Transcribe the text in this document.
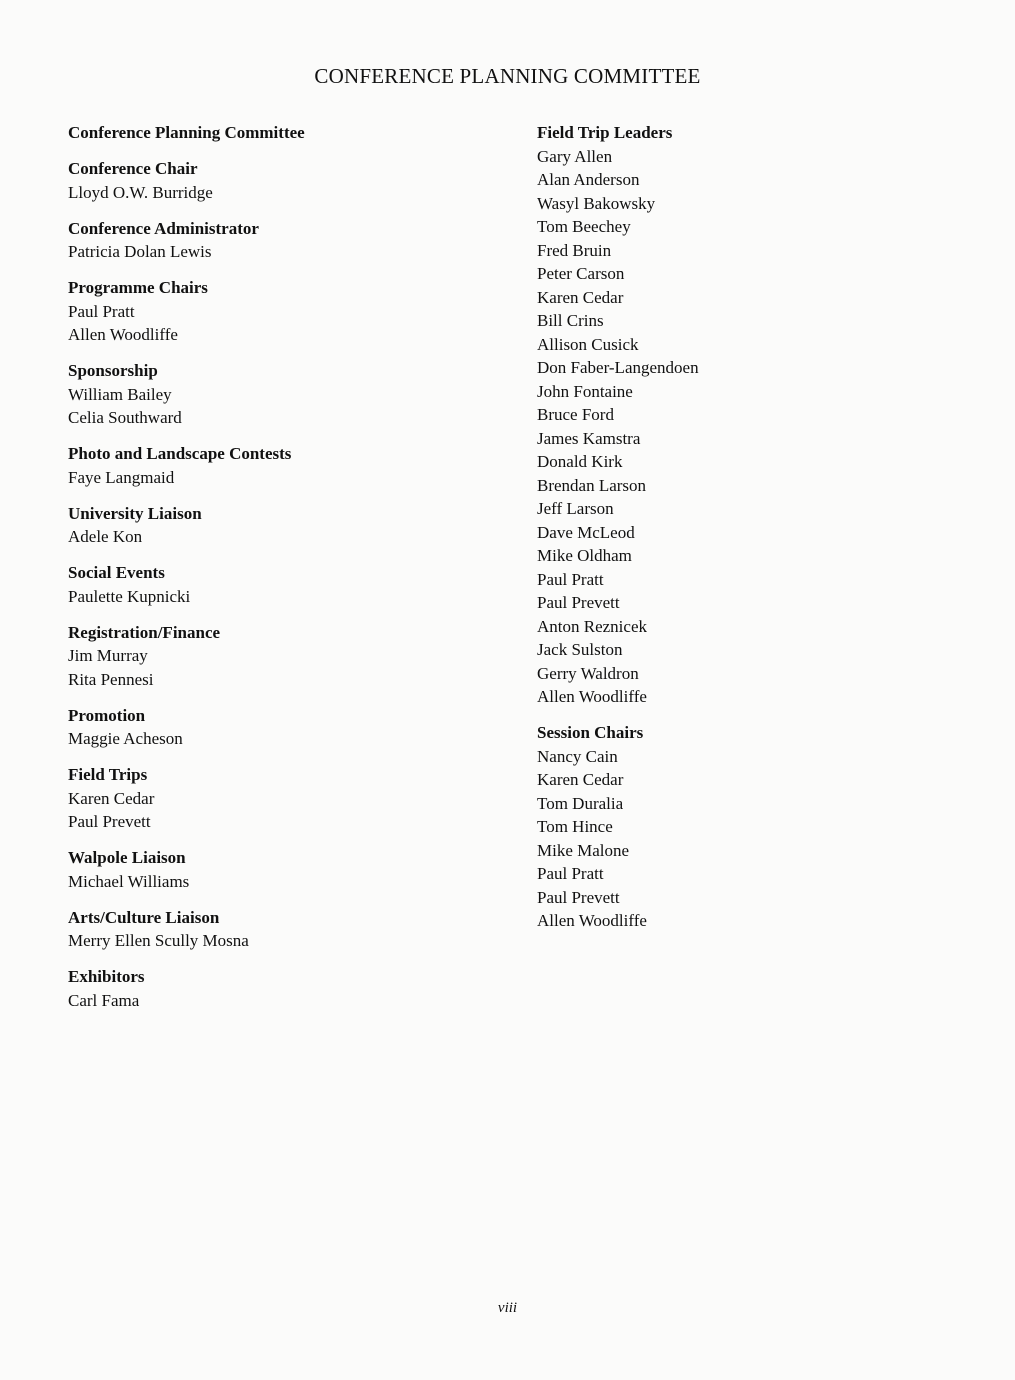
CONFERENCE PLANNING COMMITTEE
Conference Planning Committee
Conference Chair
Lloyd O.W. Burridge
Conference Administrator
Patricia Dolan Lewis
Programme Chairs
Paul Pratt
Allen Woodliffe
Sponsorship
William Bailey
Celia Southward
Photo and Landscape Contests
Faye Langmaid
University Liaison
Adele Kon
Social Events
Paulette Kupnicki
Registration/Finance
Jim Murray
Rita Pennesi
Promotion
Maggie Acheson
Field Trips
Karen Cedar
Paul Prevett
Walpole Liaison
Michael Williams
Arts/Culture Liaison
Merry Ellen Scully Mosna
Exhibitors
Carl Fama
Field Trip Leaders
Gary Allen
Alan Anderson
Wasyl Bakowsky
Tom Beechey
Fred Bruin
Peter Carson
Karen Cedar
Bill Crins
Allison Cusick
Don Faber-Langendoen
John Fontaine
Bruce Ford
James Kamstra
Donald Kirk
Brendan Larson
Jeff Larson
Dave McLeod
Mike Oldham
Paul Pratt
Paul Prevett
Anton Reznicek
Jack Sulston
Gerry Waldron
Allen Woodliffe
Session Chairs
Nancy Cain
Karen Cedar
Tom Duralia
Tom Hince
Mike Malone
Paul Pratt
Paul Prevett
Allen Woodliffe
viii
